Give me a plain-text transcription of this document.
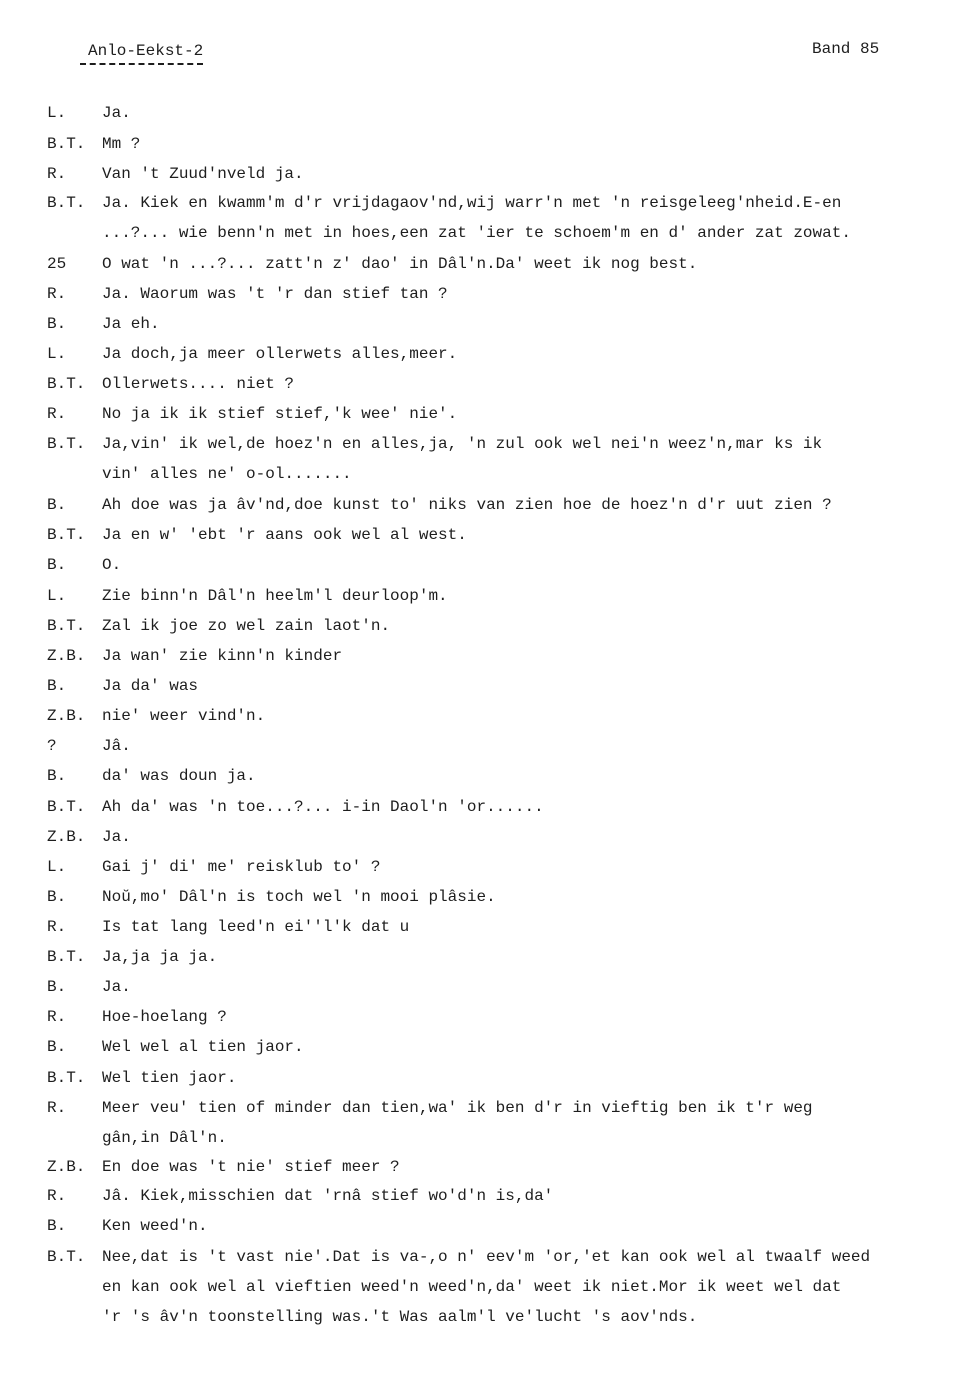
Anlo-Eekst-2	Band 85
L. Ja.
B.T. Mm ?
R. Van 't Zuud'nveld ja.
B.T. Ja. Kiek en kwamm'm d'r vrijdagaov'nd,wij warr'n met 'n reisgeleeg'nheid.E-en
...?... wie benn'n met in hoes,een zat 'ier te schoem'm en d' ander zat zowat.
25 O wat 'n ...?... zatt'n z' dao' in Dâl'n.Da' weet ik nog best.
R. Ja. Waorum was 't 'r dan stief tan ?
B. Ja eh.
L. Ja doch,ja meer ollerwets alles,meer.
B.T. Ollerwets.... niet ?
R. No ja ik ik stief stief,'k wee' nie'.
B.T. Ja,vin' ik wel,de hoez'n en alles,ja, 'n zul ook wel nei'n weez'n,mar ks ik
vin' alles ne' o-ol.......
B. Ah doe was ja âv'nd,doe kunst to' niks van zien hoe de hoez'n d'r uut zien ?
B.T. Ja en w' 'ebt 'r aans ook wel al west.
B. O.
L. Zie binn'n Dâl'n heelm'l deurloop'm.
B.T. Zal ik joe zo wel zain laot'n.
Z.B. Ja wan' zie kinn'n kinder
B. Ja da' was
Z.B. nie' weer vind'n.
?	Jâ.
B. da' was doun ja.
B.T. Ah da' was 'n toe...?... i-in Daol'n 'or......
Z.B. Ja.
L. Gai j' di' me' reisklub to' ?
B. Noŭ,mo' Dâl'n is toch wel 'n mooi plâsie.
R. Is tat lang leed'n ei''l'k dat u
B.T. Ja,ja ja ja.
B. Ja.
R. Hoe-hoelang ?
B. Wel wel al tien jaor.
B.T. Wel tien jaor.
R. Meer veu' tien of minder dan tien,wa' ik ben d'r in vieftig ben ik t'r weg
gân,in Dâl'n.
Z.B. En doe was 't nie' stief meer ?
R. Jâ. Kiek,misschien dat 'rnâ stief wo'd'n is,da'
B. Ken weed'n.
B.T. Nee,dat is 't vast nie'.Dat is va-,o n' eev'm 'or,'et kan ook wel al twaalf weed
en kan ook wel al vieftien weed'n weed'n,da' weet ik niet.Mor ik weet wel dat
'r 's âv'n toonstelling was.'t Was aalm'l ve'lucht 's aov'nds.
